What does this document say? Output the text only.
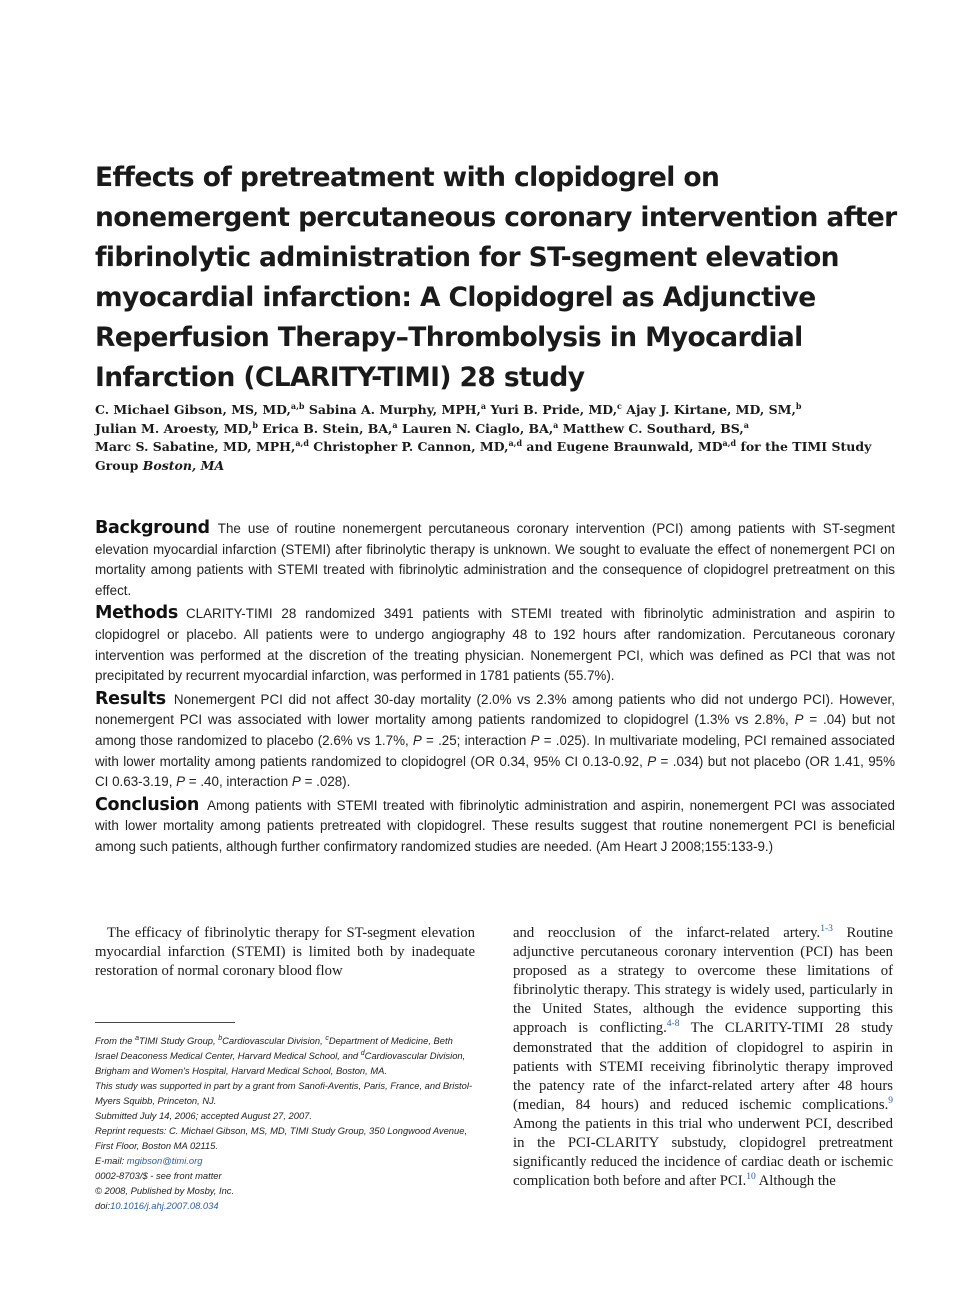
Effects of pretreatment with clopidogrel on
nonemergent percutaneous coronary intervention after
fibrinolytic administration for ST-segment elevation
myocardial infarction: A Clopidogrel as Adjunctive
Reperfusion Therapy–Thrombolysis in Myocardial
Infarction (CLARITY-TIMI) 28 study
C. Michael Gibson, MS, MD,$^{a,b}$ Sabina A. Murphy, MPH,$^a$ Yuri B. Pride, MD,$^c$ Ajay J. Kirtane, MD, SM,$^b$
Julian M. Aroesty, MD,$^b$ Erica B. Stein, BA,$^a$ Lauren N. Ciaglo, BA,$^a$ Matthew C. Southard, BS,$^a$
Marc S. Sabatine, MD, MPH,$^{a,d}$ Christopher P. Cannon, MD,$^{a,d}$ and Eugene Braunwald, MD$^{a,d}$ for the TIMI Study
Group Boston, MA

Background The use of routine nonemergent percutaneous coronary intervention (PCI) among patients with ST-segment elevation myocardial infarction (STEMI) after fibrinolytic therapy is unknown. We sought to evaluate the effect of nonemergent PCI on mortality among patients with STEMI treated with fibrinolytic administration and the consequence of clopidogrel pretreatment on this effect.

Methods CLARITY-TIMI 28 randomized 3491 patients with STEMI treated with fibrinolytic administration and aspirin to clopidogrel or placebo. All patients were to undergo angiography 48 to 192 hours after randomization. Percutaneous coronary intervention was performed at the discretion of the treating physician. Nonemergent PCI, which was defined as PCI that was not precipitated by recurrent myocardial infarction, was performed in 1781 patients (55.7%).

Results Nonemergent PCI did not affect 30-day mortality (2.0% vs 2.3% among patients who did not undergo PCI). However, nonemergent PCI was associated with lower mortality among patients randomized to clopidogrel (1.3% vs 2.8%, P = .04) but not among those randomized to placebo (2.6% vs 1.7%, P = .25; interaction P = .025). In multivariate modeling, PCI remained associated with lower mortality among patients randomized to clopidogrel (OR 0.34, 95% CI 0.13-0.92, P = .034) but not placebo (OR 1.41, 95% CI 0.63-3.19, P = .40, interaction P = .028).

Conclusion Among patients with STEMI treated with fibrinolytic administration and aspirin, nonemergent PCI was associated with lower mortality among patients pretreated with clopidogrel. These results suggest that routine nonemergent PCI is beneficial among such patients, although further confirmatory randomized studies are needed. (Am Heart J 2008;155:133-9.)

The efficacy of fibrinolytic therapy for ST-segment elevation myocardial infarction (STEMI) is limited both by inadequate restoration of normal coronary blood flow

and reocclusion of the infarct-related artery.$^{1-3}$ Routine adjunctive percutaneous coronary intervention (PCI) has been proposed as a strategy to overcome these limitations of fibrinolytic therapy. This strategy is widely used, particularly in the United States, although the evidence supporting this approach is conflicting.$^{4-8}$ The CLARITY-TIMI 28 study demonstrated that the addition of clopidogrel to aspirin in patients with STEMI receiving fibrinolytic therapy improved the patency rate of the infarct-related artery after 48 hours (median, 84 hours) and reduced ischemic complications.$^9$ Among the patients in this trial who underwent PCI, described in the PCI-CLARITY substudy, clopidogrel pretreatment significantly reduced the incidence of cardiac death or ischemic complication both before and after PCI.$^{10}$ Although the

From the $^a$TIMI Study Group, $^b$Cardiovascular Division, $^c$Department of Medicine, Beth Israel Deaconess Medical Center, Harvard Medical School, and $^d$Cardiovascular Division, Brigham and Women's Hospital, Harvard Medical School, Boston, MA.
This study was supported in part by a grant from Sanofi-Aventis, Paris, France, and Bristol-Myers Squibb, Princeton, NJ.
Submitted July 14, 2006; accepted August 27, 2007.
Reprint requests: C. Michael Gibson, MS, MD, TIMI Study Group, 350 Longwood Avenue, First Floor, Boston MA 02115.
E-mail: mgibson@timi.org
0002-8703/$ - see front matter
© 2008, Published by Mosby, Inc.
doi:10.1016/j.ahj.2007.08.034
